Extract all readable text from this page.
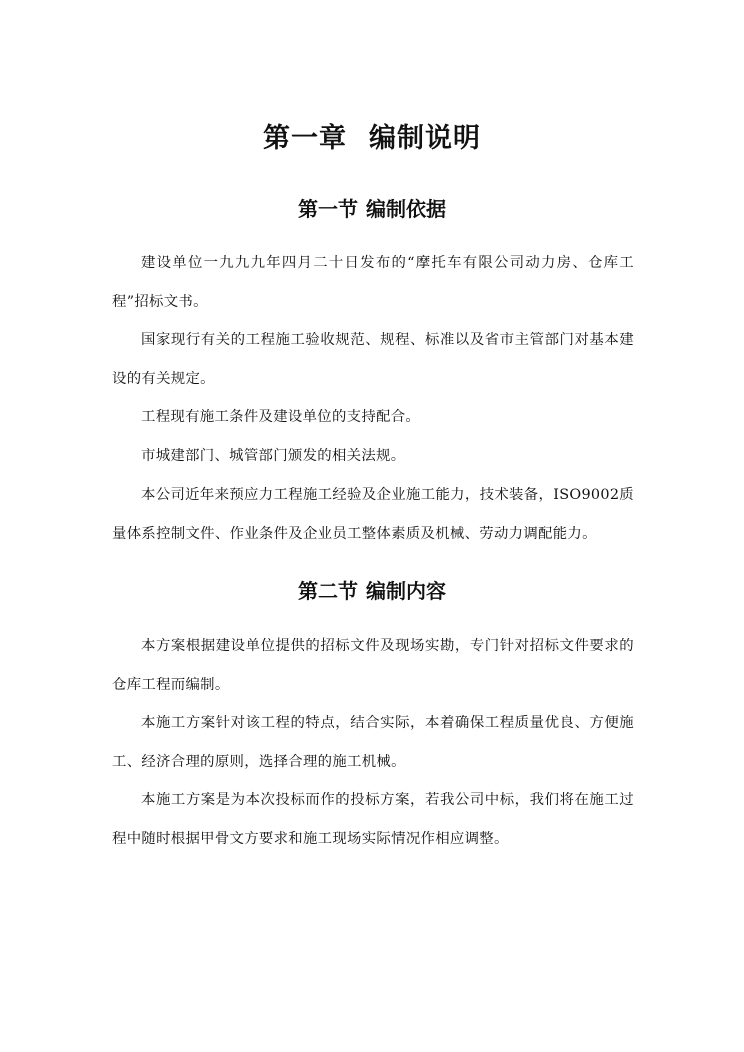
第一章 编制说明
第一节 编制依据

建设单位一九九九年四月二十日发布的“摩托车有限公司动力房、仓库工程”招标文书。

国家现行有关的工程施工验收规范、规程、标准以及省市主管部门对基本建设的有关规定。

工程现有施工条件及建设单位的支持配合。

市城建部门、城管部门颁发的相关法规。

本公司近年来预应力工程施工经验及企业施工能力，技术装备，ISO9002质量体系控制文件、作业条件及企业员工整体素质及机械、劳动力调配能力。

第二节 编制内容

本方案根据建设单位提供的招标文件及现场实勘，专门针对招标文件要求的仓库工程而编制。

本施工方案针对该工程的特点，结合实际，本着确保工程质量优良、方便施工、经济合理的原则，选择合理的施工机械。

本施工方案是为本次投标而作的投标方案，若我公司中标，我们将在施工过程中随时根据甲骨文方要求和施工现场实际情况作相应调整。
